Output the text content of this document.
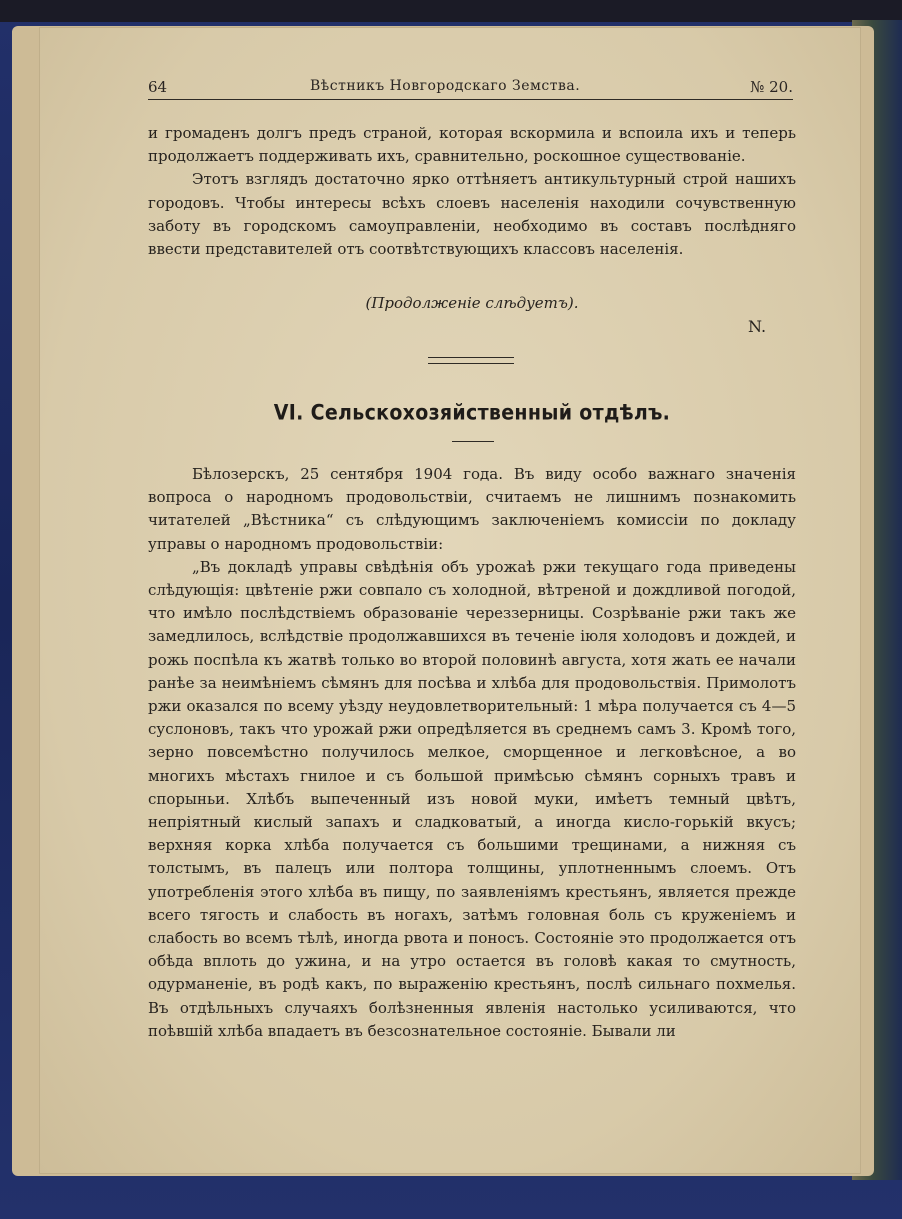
64	Вѣстникъ Новгородскаго Земства.	№ 20.

и громаденъ долгъ предъ страной, которая вскормила и вспоила ихъ и теперь продолжаетъ поддерживать ихъ, сравнительно, роскошное существованіе.

Этотъ взглядъ достаточно ярко оттѣняетъ антикультурный строй нашихъ городовъ. Чтобы интересы всѣхъ слоевъ населенія находили сочувственную заботу въ городскомъ самоуправленіи, необходимо въ составъ послѣдняго ввести представителей отъ соотвѣтствующихъ классовъ населенія.

(Продолженіе слѣдуетъ).
N.
VI. Сельскохозяйственный отдѣлъ.

Бѣлозерскъ, 25 сентября 1904 года. Въ виду особо важнаго значенія вопроса о народномъ продовольствіи, считаемъ не лишнимъ познакомить читателей „Вѣстника“ съ слѣдующимъ заключеніемъ комиссіи по докладу управы о народномъ продовольствіи:

„Въ докладѣ управы свѣдѣнія объ урожаѣ ржи текущаго года приведены слѣдующія: цвѣтеніе ржи совпало съ холодной, вѣтреной и дождливой погодой, что имѣло послѣдствіемъ образованіе череззерницы. Созрѣваніе ржи такъ же замедлилось, вслѣдствіе продолжавшихся въ теченіе іюля холодовъ и дождей, и рожь поспѣла къ жатвѣ только во второй половинѣ августа, хотя жать ее начали ранѣе за неимѣніемъ сѣмянъ для посѣва и хлѣба для продовольствія. Примолотъ ржи оказался по всему уѣзду неудовлетворительный: 1 мѣра получается съ 4—5 суслоновъ, такъ что урожай ржи опредѣляется въ среднемъ самъ 3. Кромѣ того, зерно повсемѣстно получилось мелкое, сморщенное и легковѣсное, а во многихъ мѣстахъ гнилое и съ большой примѣсью сѣмянъ сорныхъ травъ и спорыньи. Хлѣбъ выпеченный изъ новой муки, имѣетъ темный цвѣтъ, непріятный кислый запахъ и сладковатый, а иногда кисло-горькій вкусъ; верхняя корка хлѣба получается съ большими трещинами, а нижняя съ толстымъ, въ палецъ или полтора толщины, уплотненнымъ слоемъ. Отъ употребленія этого хлѣба въ пищу, по заявленіямъ крестьянъ, является прежде всего тягость и слабость въ ногахъ, затѣмъ головная боль съ круженіемъ и слабость во всемъ тѣлѣ, иногда рвота и поносъ. Состояніе это продолжается отъ обѣда вплоть до ужина, и на утро остается въ головѣ какая то смутность, одурманеніе, въ родѣ какъ, по выраженію крестьянъ, послѣ сильнаго похмелья. Въ отдѣльныхъ случаяхъ болѣзненныя явленія настолько усиливаются, что поѣвшій хлѣба впадаетъ въ безсознательное состояніе. Бывали ли
